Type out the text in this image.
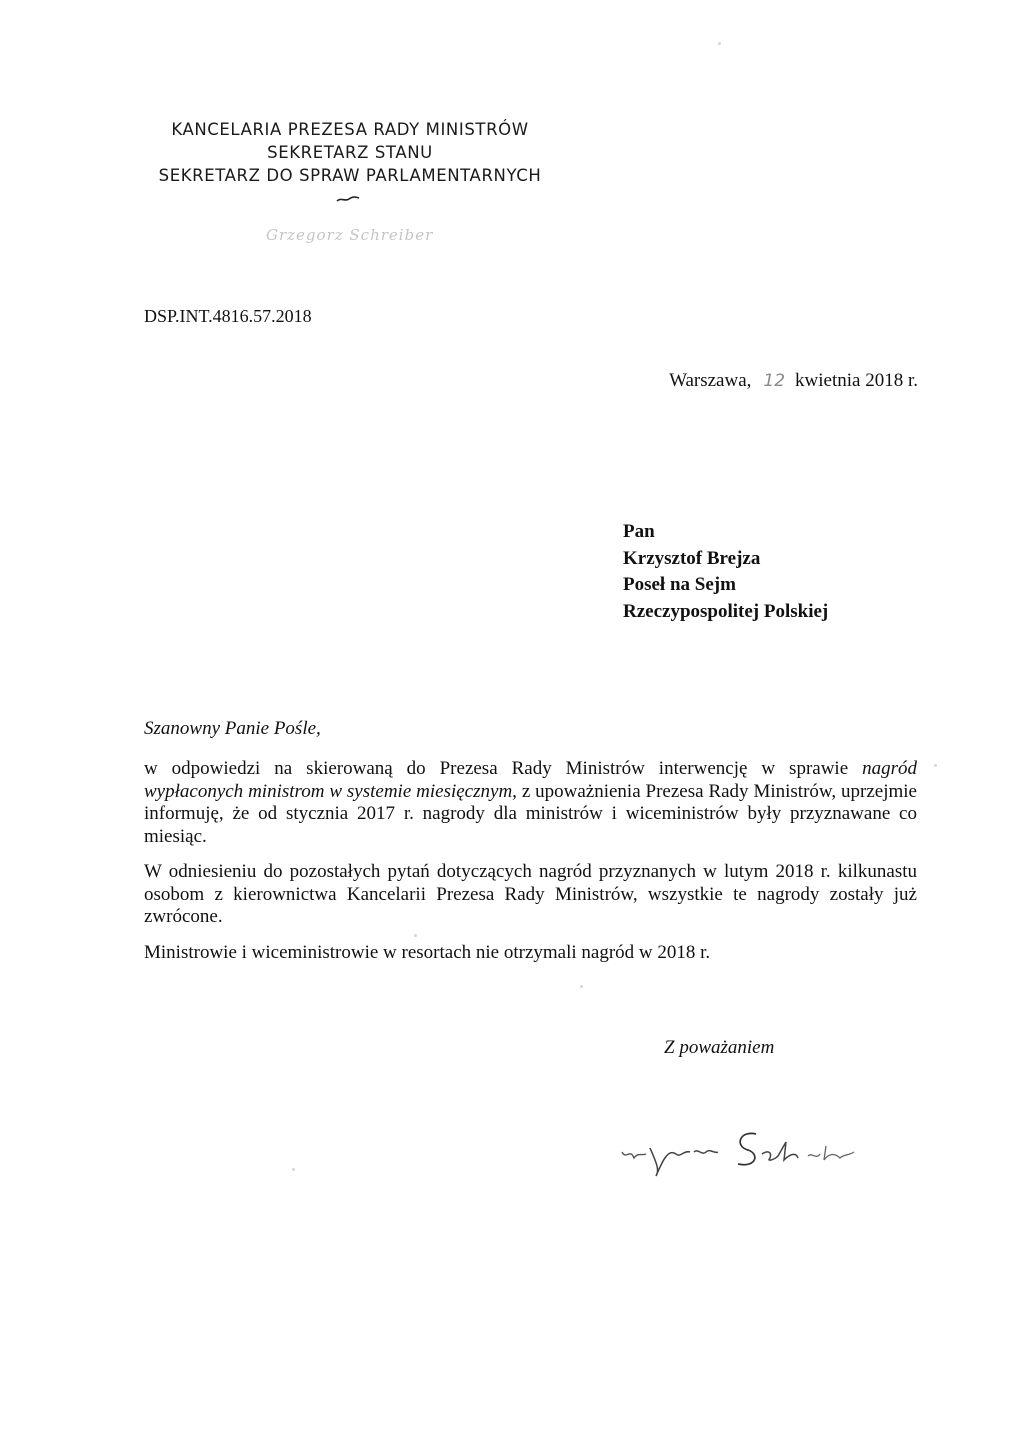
KANCELARIA PREZESA RADY MINISTRÓW
SEKRETARZ STANU
SEKRETARZ DO SPRAW PARLAMENTARNYCH
Grzegorz Schreiber
DSP.INT.4816.57.2018
Warszawa, 12 kwietnia 2018 r.
Pan
Krzysztof Brejza
Poseł na Sejm
Rzeczypospolitej Polskiej
Szanowny Panie Pośle,

w odpowiedzi na skierowaną do Prezesa Rady Ministrów interwencję w sprawie nagród wypłaconych ministrom w systemie miesięcznym, z upoważnienia Prezesa Rady Ministrów, uprzejmie informuję, że od stycznia 2017 r. nagrody dla ministrów i wiceministrów były przyznawane co miesiąc.

W odniesieniu do pozostałych pytań dotyczących nagród przyznanych w lutym 2018 r. kilkunastu osobom z kierownictwa Kancelarii Prezesa Rady Ministrów, wszystkie te nagrody zostały już zwrócone.

Ministrowie i wiceministrowie w resortach nie otrzymali nagród w 2018 r.

Z poważaniem
